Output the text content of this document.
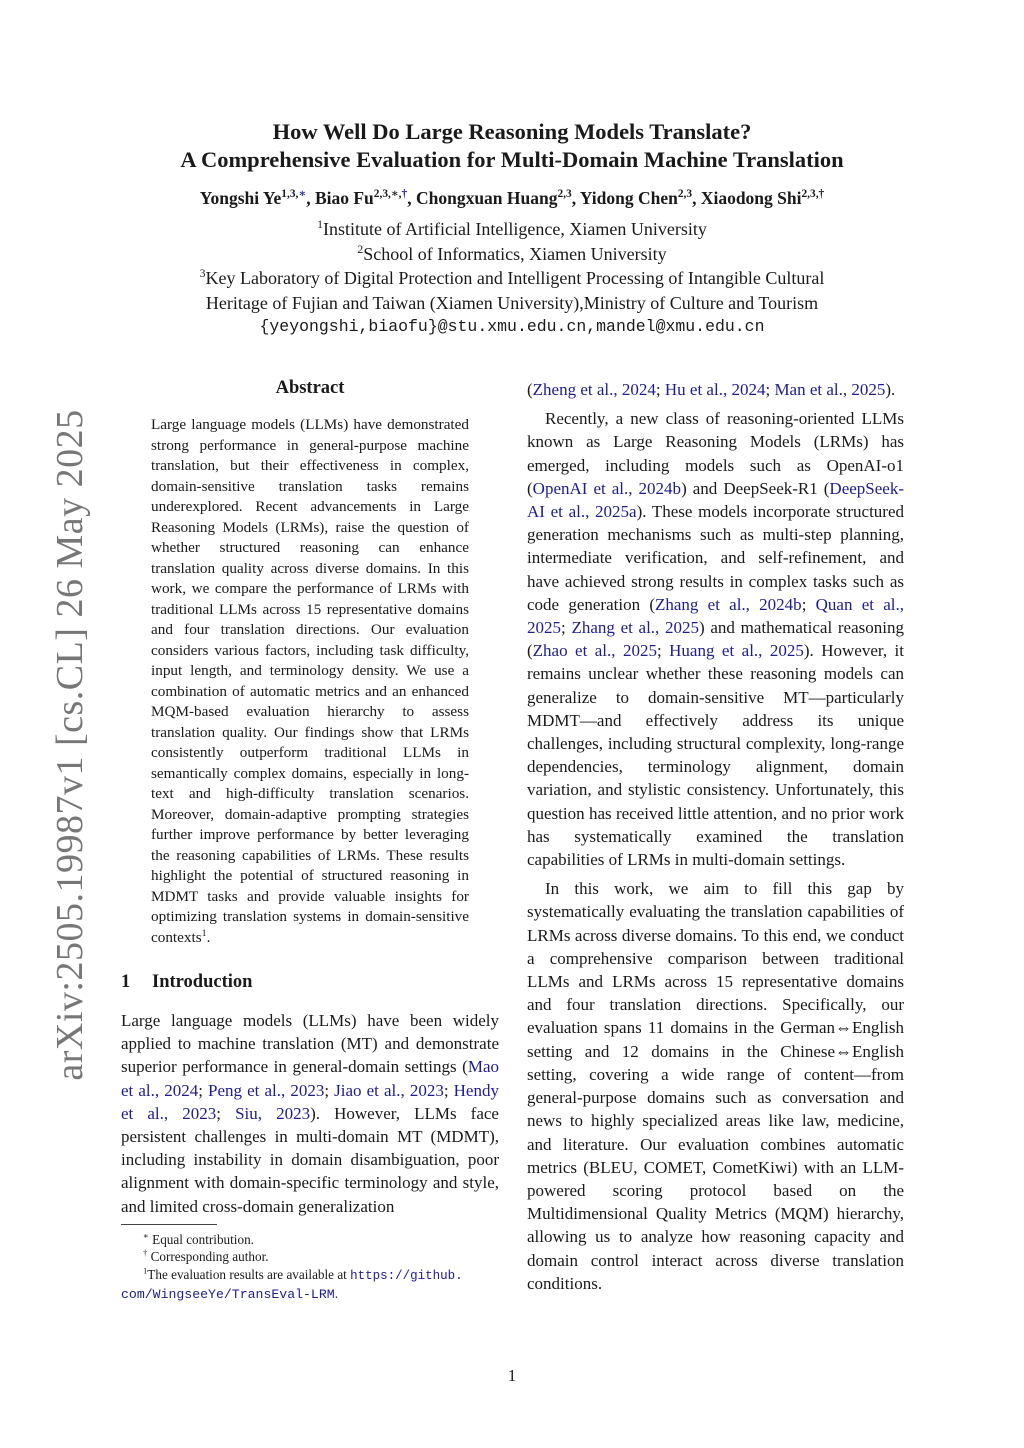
arXiv:2505.19987v1 [cs.CL] 26 May 2025
How Well Do Large Reasoning Models Translate?
A Comprehensive Evaluation for Multi-Domain Machine Translation
Yongshi $Ye^{1,3,∗}$, Biao $Fu^{2,3,∗,\dagger}$, Chongxuan Huang$^{2,3}$, Yidong Chen$^{2,3}$, Xiaodong Shi$^{2,3,\dagger}$
$^1$Institute of Artificial Intelligence, Xiamen University
$^2$School of Informatics, Xiamen University
$^3$Key Laboratory of Digital Protection and Intelligent Processing of Intangible Cultural
Heritage of Fujian and Taiwan (Xiamen University),Ministry of Culture and Tourism
{yeyongshi,biaofu}@stu.xmu.edu.cn,mandel@xmu.edu.cn
Abstract
Large language models (LLMs) have demonstrated strong performance in general-purpose machine translation, but their effectiveness in complex, domain-sensitive translation tasks remains underexplored. Recent advancements in Large Reasoning Models (LRMs), raise the question of whether structured reasoning can enhance translation quality across diverse domains. In this work, we compare the performance of LRMs with traditional LLMs across 15 representative domains and four translation directions. Our evaluation considers various factors, including task difficulty, input length, and terminology density. We use a combination of automatic metrics and an enhanced MQM-based evaluation hierarchy to assess translation quality. Our findings show that LRMs consistently outperform traditional LLMs in semantically complex domains, especially in long-text and high-difficulty translation scenarios. Moreover, domain-adaptive prompting strategies further improve performance by better leveraging the reasoning capabilities of LRMs. These results highlight the potential of structured reasoning in MDMT tasks and provide valuable insights for optimizing translation systems in domain-sensitive contexts$^1$.
1 Introduction

Large language models (LLMs) have been widely applied to machine translation (MT) and demonstrate superior performance in general-domain settings (Mao et al., 2024; Peng et al., 2023; Jiao et al., 2023; Hendy et al., 2023; Siu, 2023). However, LLMs face persistent challenges in multi-domain MT (MDMT), including instability in domain disambiguation, poor alignment with domain-specific terminology and style, and limited cross-domain generalization

∗ Equal contribution.
† Corresponding author.
$^1$The evaluation results are available at https://github.
com/WingseeYe/TransEval-LRM.

(Zheng et al., 2024; Hu et al., 2024; Man et al., 2025).

Recently, a new class of reasoning-oriented LLMs known as Large Reasoning Models (LRMs) has emerged, including models such as OpenAI-o1 (OpenAI et al., 2024b) and DeepSeek-R1 (DeepSeek-AI et al., 2025a). These models incorporate structured generation mechanisms such as multi-step planning, intermediate verification, and self-refinement, and have achieved strong results in complex tasks such as code generation (Zhang et al., 2024b; Quan et al., 2025; Zhang et al., 2025) and mathematical reasoning (Zhao et al., 2025; Huang et al., 2025). However, it remains unclear whether these reasoning models can generalize to domain-sensitive MT—particularly MDMT—and effectively address its unique challenges, including structural complexity, long-range dependencies, terminology alignment, domain variation, and stylistic consistency. Unfortunately, this question has received little attention, and no prior work has systematically examined the translation capabilities of LRMs in multi-domain settings.

In this work, we aim to fill this gap by systematically evaluating the translation capabilities of LRMs across diverse domains. To this end, we conduct a comprehensive comparison between traditional LLMs and LRMs across 15 representative domains and four translation directions. Specifically, our evaluation spans 11 domains in the German⇔English setting and 12 domains in the Chinese⇔English setting, covering a wide range of content—from general-purpose domains such as conversation and news to highly specialized areas like law, medicine, and literature. Our evaluation combines automatic metrics (BLEU, COMET, CometKiwi) with an LLM-powered scoring protocol based on the Multidimensional Quality Metrics (MQM) hierarchy, allowing us to analyze how reasoning capacity and domain control interact across diverse translation conditions.

1
